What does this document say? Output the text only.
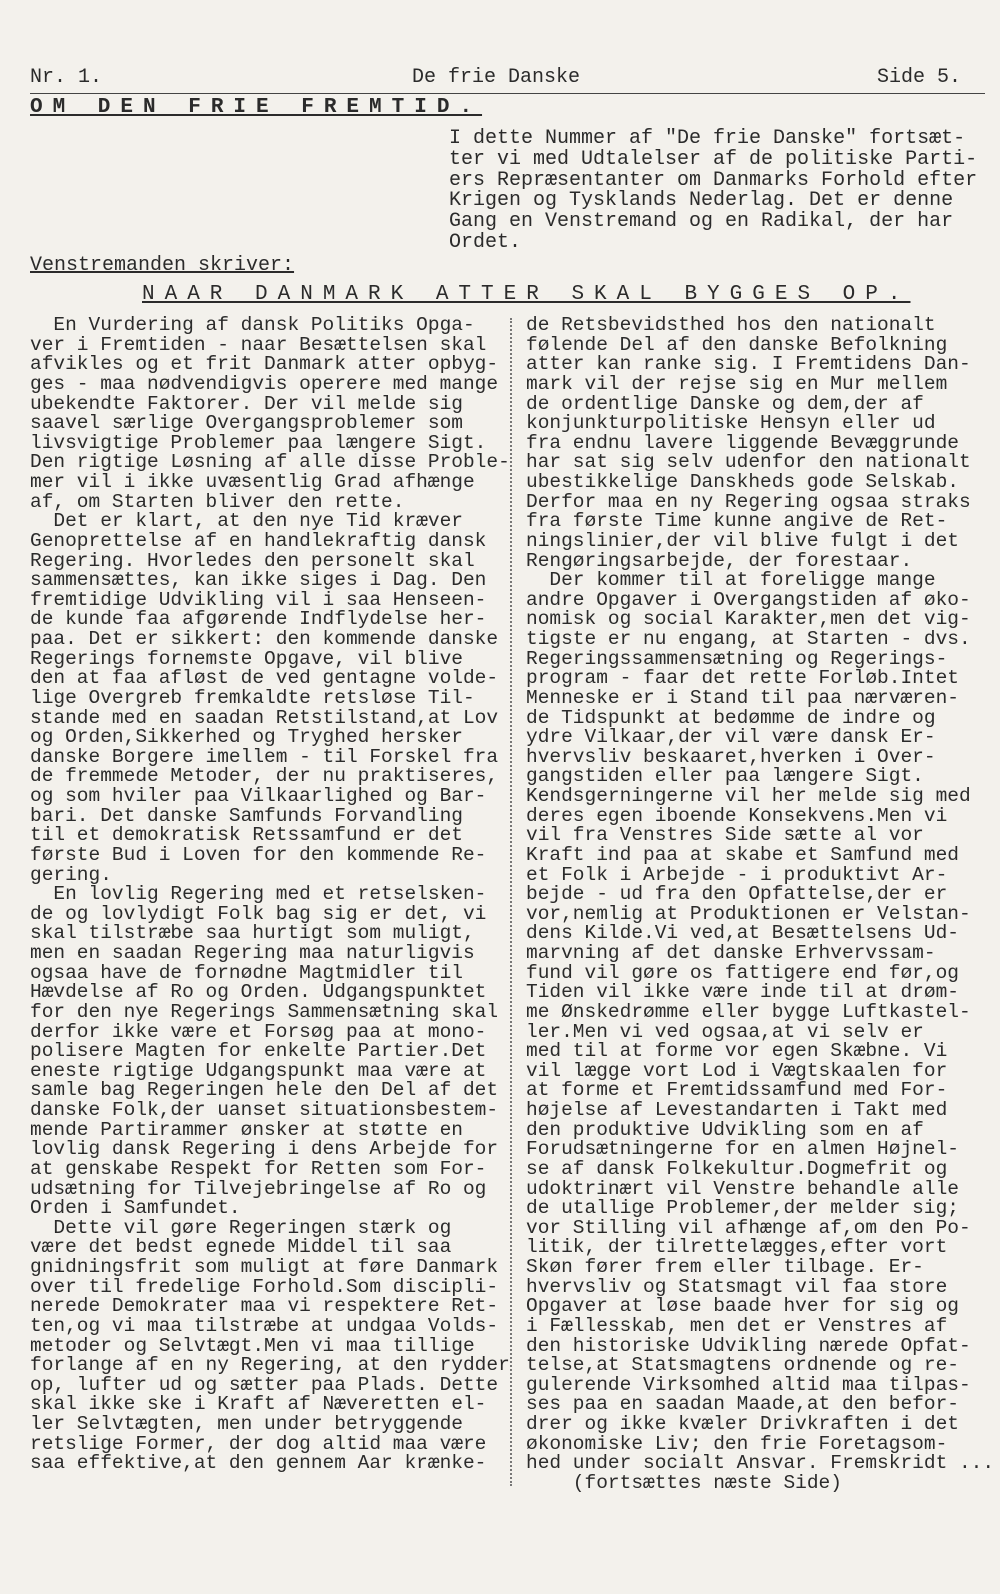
Nr. 1.	De frie Danske	Side 5.
OM DEN FRIE FREMTID.
I dette Nummer af "De frie Danske" fortsæt-
ter vi med Udtalelser af de politiske Parti-
ers Repræsentanter om Danmarks Forhold efter
Krigen og Tysklands Nederlag. Det er denne
Gang en Venstremand og en Radikal, der har
Ordet.
Venstremanden skriver:
NAAR DANMARK ATTER SKAL BYGGES OP.
En Vurdering af dansk Politiks Opga-
ver i Fremtiden - naar Besættelsen skal
afvikles og et frit Danmark atter opbyg-
ges - maa nødvendigvis operere med mange
ubekendte Faktorer. Der vil melde sig
saavel særlige Overgangsproblemer som
livsvigtige Problemer paa længere Sigt.
Den rigtige Løsning af alle disse Proble-
mer vil i ikke uvæsentlig Grad afhænge
af, om Starten bliver den rette.
Det er klart, at den nye Tid kræver
Genoprettelse af en handlekraftig dansk
Regering. Hvorledes den personelt skal
sammensættes, kan ikke siges i Dag. Den
fremtidige Udvikling vil i saa Henseen-
de kunde faa afgørende Indflydelse her-
paa. Det er sikkert: den kommende danske
Regerings fornemste Opgave, vil blive
den at faa afløst de ved gentagne volde-
lige Overgreb fremkaldte retsløse Til-
stande med en saadan Retstilstand,at Lov
og Orden,Sikkerhed og Tryghed hersker
danske Borgere imellem - til Forskel fra
de fremmede Metoder, der nu praktiseres,
og som hviler paa Vilkaarlighed og Bar-
bari. Det danske Samfunds Forvandling
til et demokratisk Retssamfund er det
første Bud i Loven for den kommende Re-
gering.
En lovlig Regering med et retselsken-
de og lovlydigt Folk bag sig er det, vi
skal tilstræbe saa hurtigt som muligt,
men en saadan Regering maa naturligvis
ogsaa have de fornødne Magtmidler til
Hævdelse af Ro og Orden. Udgangspunktet
for den nye Regerings Sammensætning skal
derfor ikke være et Forsøg paa at mono-
polisere Magten for enkelte Partier.Det
eneste rigtige Udgangspunkt maa være at
samle bag Regeringen hele den Del af det
danske Folk,der uanset situationsbestem-
mende Partirammer ønsker at støtte en
lovlig dansk Regering i dens Arbejde for
at genskabe Respekt for Retten som For-
udsætning for Tilvejebringelse af Ro og
Orden i Samfundet.
Dette vil gøre Regeringen stærk og
være det bedst egnede Middel til saa
gnidningsfrit som muligt at føre Danmark
over til fredelige Forhold.Som discipli-
nerede Demokrater maa vi respektere Ret-
ten,og vi maa tilstræbe at undgaa Volds-
metoder og Selvtægt.Men vi maa tillige
forlange af en ny Regering, at den rydder
op, lufter ud og sætter paa Plads. Dette
skal ikke ske i Kraft af Næveretten el-
ler Selvtægten, men under betryggende
retslige Former, der dog altid maa være
saa effektive,at den gennem Aar krænke-
de Retsbevidsthed hos den nationalt
følende Del af den danske Befolkning
atter kan ranke sig. I Fremtidens Dan-
mark vil der rejse sig en Mur mellem
de ordentlige Danske og dem,der af
konjunkturpolitiske Hensyn eller ud
fra endnu lavere liggende Bevæggrunde
har sat sig selv udenfor den nationalt
ubestikkelige Danskheds gode Selskab.
Derfor maa en ny Regering ogsaa straks
fra første Time kunne angive de Ret-
ningslinier,der vil blive fulgt i det
Rengøringsarbejde, der forestaar.
Der kommer til at foreligge mange
andre Opgaver i Overgangstiden af øko-
nomisk og social Karakter,men det vig-
tigste er nu engang, at Starten - dvs.
Regeringssammensætning og Regerings-
program - faar det rette Forløb.Intet
Menneske er i Stand til paa nærværen-
de Tidspunkt at bedømme de indre og
ydre Vilkaar,der vil være dansk Er-
hvervsliv beskaaret,hverken i Over-
gangstiden eller paa længere Sigt.
Kendsgerningerne vil her melde sig med
deres egen iboende Konsekvens.Men vi
vil fra Venstres Side sætte al vor
Kraft ind paa at skabe et Samfund med
et Folk i Arbejde - i produktivt Ar-
bejde - ud fra den Opfattelse,der er
vor,nemlig at Produktionen er Velstan-
dens Kilde.Vi ved,at Besættelsens Ud-
marvning af det danske Erhvervssam-
fund vil gøre os fattigere end før,og
Tiden vil ikke være inde til at drøm-
me Ønskedrømme eller bygge Luftkastel-
ler.Men vi ved ogsaa,at vi selv er
med til at forme vor egen Skæbne. Vi
vil lægge vort Lod i Vægtskaalen for
at forme et Fremtidssamfund med For-
højelse af Levestandarten i Takt med
den produktive Udvikling som en af
Forudsætningerne for en almen Højnel-
se af dansk Folkekultur.Dogmefrit og
udoktrinært vil Venstre behandle alle
de utallige Problemer,der melder sig;
vor Stilling vil afhænge af,om den Po-
litik, der tilrettelægges,efter vort
Skøn fører frem eller tilbage. Er-
hvervsliv og Statsmagt vil faa store
Opgaver at løse baade hver for sig og
i Fællesskab, men det er Venstres af
den historiske Udvikling nærede Opfat-
telse,at Statsmagtens ordnende og re-
gulerende Virksomhed altid maa tilpas-
ses paa en saadan Maade,at den befor-
drer og ikke kvæler Drivkraften i det
økonomiske Liv; den frie Foretagsom-
hed under socialt Ansvar. Fremskridt ...
(fortsættes næste Side)
